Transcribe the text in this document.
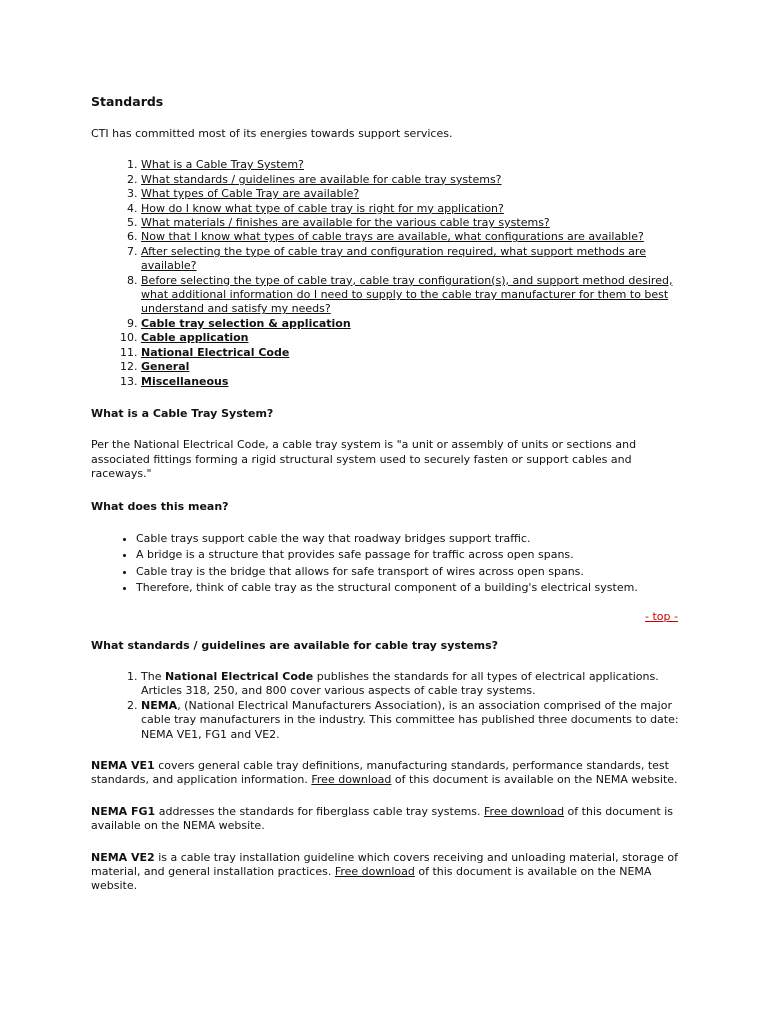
Standards

CTI has committed most of its energies towards support services.

1. What is a Cable Tray System?
2. What standards / guidelines are available for cable tray systems?
3. What types of Cable Tray are available?
4. How do I know what type of cable tray is right for my application?
5. What materials / finishes are available for the various cable tray systems?
6. Now that I know what types of cable trays are available, what configurations are available?
7. After selecting the type of cable tray and configuration required, what support methods are available?
8. Before selecting the type of cable tray, cable tray configuration(s), and support method desired, what additional information do I need to supply to the cable tray manufacturer for them to best understand and satisfy my needs?
9. Cable tray selection & application
10. Cable application
11. National Electrical Code
12. General
13. Miscellaneous
What is a Cable Tray System?

Per the National Electrical Code, a cable tray system is "a unit or assembly of units or sections and associated fittings forming a rigid structural system used to securely fasten or support cables and raceways."

What does this mean?
• Cable trays support cable the way that roadway bridges support traffic.
• A bridge is a structure that provides safe passage for traffic across open spans.
• Cable tray is the bridge that allows for safe transport of wires across open spans.
• Therefore, think of cable tray as the structural component of a building's electrical system.
- top -
What standards / guidelines are available for cable tray systems?
1. The National Electrical Code publishes the standards for all types of electrical applications. Articles 318, 250, and 800 cover various aspects of cable tray systems.
2. NEMA, (National Electrical Manufacturers Association), is an association comprised of the major cable tray manufacturers in the industry. This committee has published three documents to date: NEMA VE1, FG1 and VE2.

NEMA VE1 covers general cable tray definitions, manufacturing standards, performance standards, test standards, and application information. Free download of this document is available on the NEMA website.

NEMA FG1 addresses the standards for fiberglass cable tray systems. Free download of this document is available on the NEMA website.

NEMA VE2 is a cable tray installation guideline which covers receiving and unloading material, storage of material, and general installation practices. Free download of this document is available on the NEMA website.
